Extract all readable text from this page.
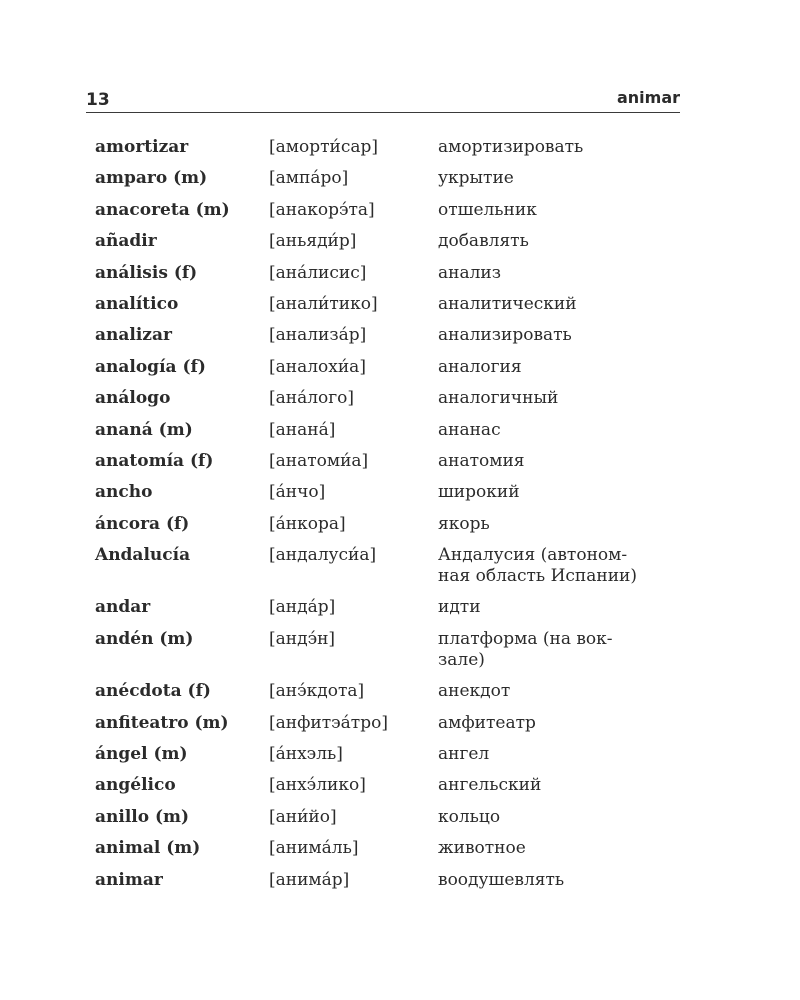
13	animar
amortizar	[аморти́сар]	амортизировать
amparo (m)	[ампа́ро]	укрытие
anacoreta (m)	[анакорэ́та]	отшельник
añadir	[аньяди́р]	добавлять
análisis (f)	[ана́лисис]	анализ
analítico	[анали́тико]	аналитический
analizar	[анализа́р]	анализировать
analogía (f)	[аналохи́а]	аналогия
análogo	[ана́лого]	аналогичный
ananá (m)	[анана́]	ананас
anatomía (f)	[анатоми́а]	анатомия
ancho	[а́нчо]	широкий
áncora (f)	[а́нкора]	якорь
Andalucía	[андалуси́а]	Андалусия (автоном-
ная область Испании)
andar	[анда́р]	идти
andén (m)	[андэ́н]	платформа (на вок-
зале)
anécdota (f)	[анэ́кдота]	анекдот
anfiteatro (m)	[анфитэа́тро]	амфитеатр
ángel (m)	[а́нхэль]	ангел
angélico	[анхэ́лико]	ангельский
anillo (m)	[ани́йо]	кольцо
animal (m)	[анима́ль]	животное
animar	[анима́р]	воодушевлять
